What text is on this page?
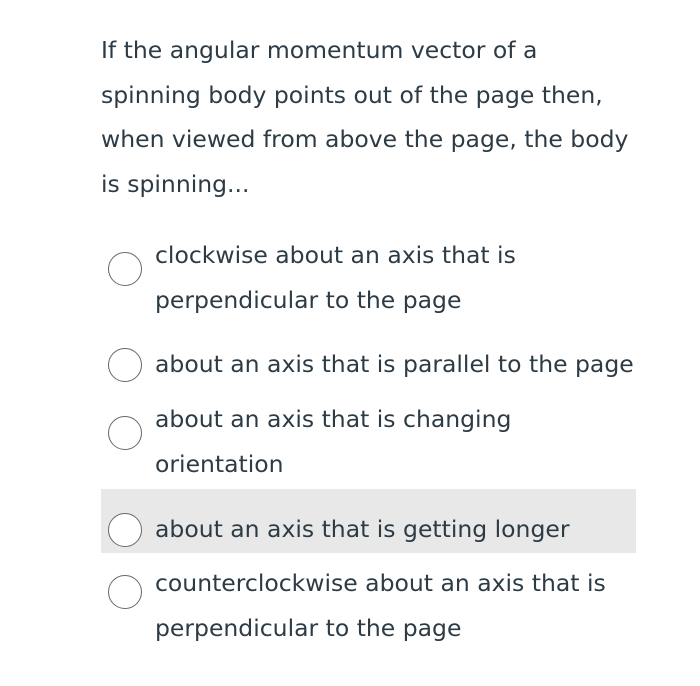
If the angular momentum vector of a spinning body points out of the page then, when viewed from above the page, the body is spinning...

clockwise about an axis that is perpendicular to the page
about an axis that is parallel to the page
about an axis that is changing orientation
about an axis that is getting longer
counterclockwise about an axis that is perpendicular to the page
